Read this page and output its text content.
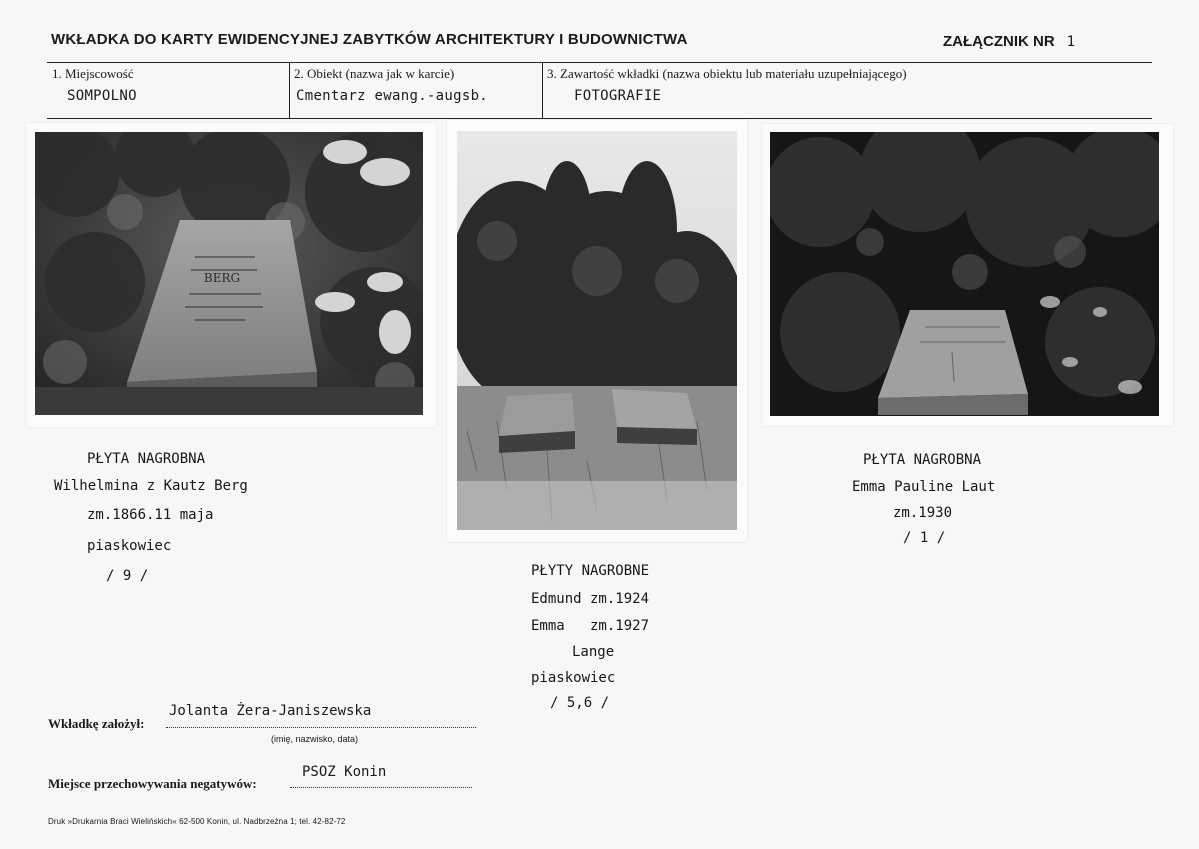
WKŁADKA DO KARTY EWIDENCYJNEJ ZABYTKÓW ARCHITEKTURY I BUDOWNICTWA	ZAŁĄCZNIK NR 1
1. Miejscowość
SOMPOLNO
2. Obiekt (nazwa jak w karcie)
Cmentarz ewang.-augsb.
3. Zawartość wkładki (nazwa obiektu lub materiału uzupełniającego)
FOTOGRAFIE
BERG
PŁYTA NAGROBNA
Wilhelmina z Kautz Berg
zm.1866.11 maja
piaskowiec
/ 9 /	PŁYTY NAGROBNE
Edmund zm.1924
Emma   zm.1927
Lange
piaskowiec
/ 5,6 /
PŁYTA NAGROBNA
Emma Pauline Laut
zm.1930
/ 1 /
Wkładkę założył:
Jolanta Żera-Janiszewska
(imię, nazwisko, data)
Miejsce przechowywania negatywów:
PSOZ Konin
Druk »Drukarnia Braci Wielińskich« 62-500 Konin, ul. Nadbrzeżna 1; tel. 42-82-72
